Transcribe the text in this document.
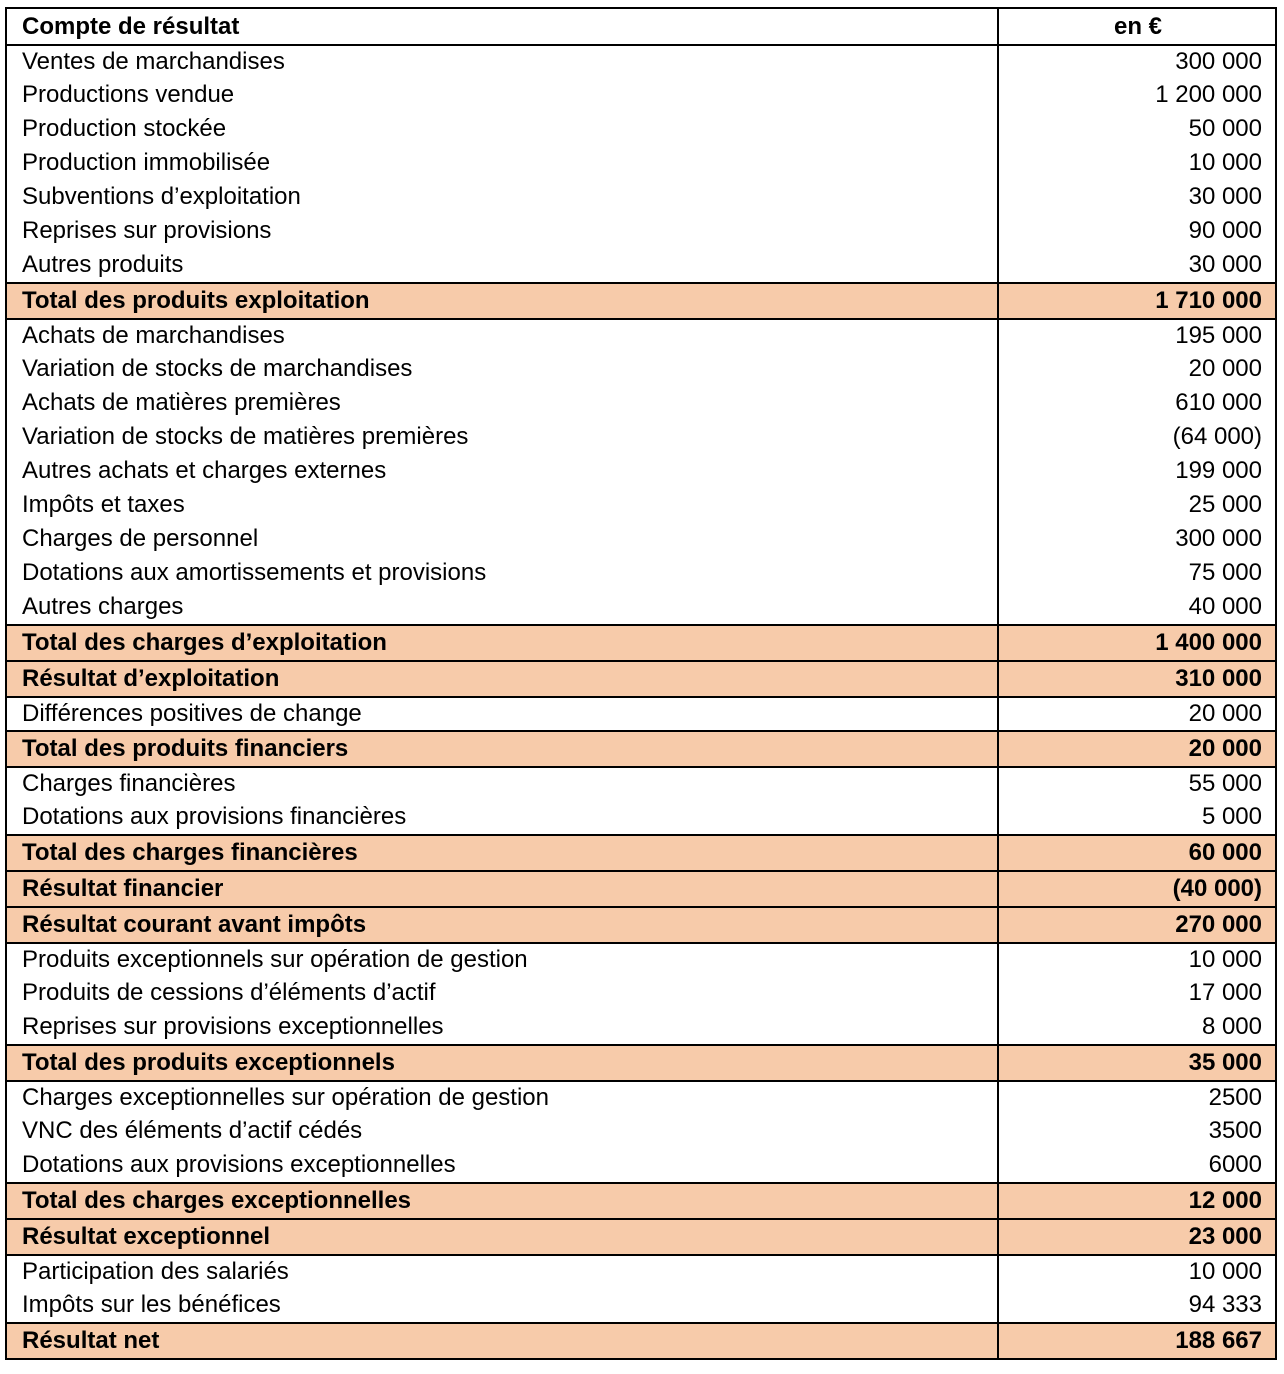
Compte de résultat	en €
Ventes de marchandises	300 000
Productions vendue	1 200 000
Production stockée	50 000
Production immobilisée	10 000
Subventions d’exploitation	30 000
Reprises sur provisions	90 000
Autres produits	30 000
Total des produits exploitation	1 710 000
Achats de marchandises	195 000
Variation de stocks de marchandises	20 000
Achats de matières premières	610 000
Variation de stocks de matières premières	(64 000)
Autres achats et charges externes	199 000
Impôts et taxes	25 000
Charges de personnel	300 000
Dotations aux amortissements et provisions	75 000
Autres charges	40 000
Total des charges d’exploitation	1 400 000
Résultat d’exploitation	310 000
Différences positives de change	20 000
Total des produits financiers	20 000
Charges financières	55 000
Dotations aux provisions financières	5 000
Total des charges financières	60 000
Résultat financier	(40 000)
Résultat courant avant impôts	270 000
Produits exceptionnels sur opération de gestion	10 000
Produits de cessions d’éléments d’actif	17 000
Reprises sur provisions exceptionnelles	8 000
Total des produits exceptionnels	35 000
Charges exceptionnelles sur opération de gestion	2500
VNC des éléments d’actif cédés	3500
Dotations aux provisions exceptionnelles	6000
Total des charges exceptionnelles	12 000
Résultat exceptionnel	23 000
Participation des salariés	10 000
Impôts sur les bénéfices	94 333
Résultat net	188 667
